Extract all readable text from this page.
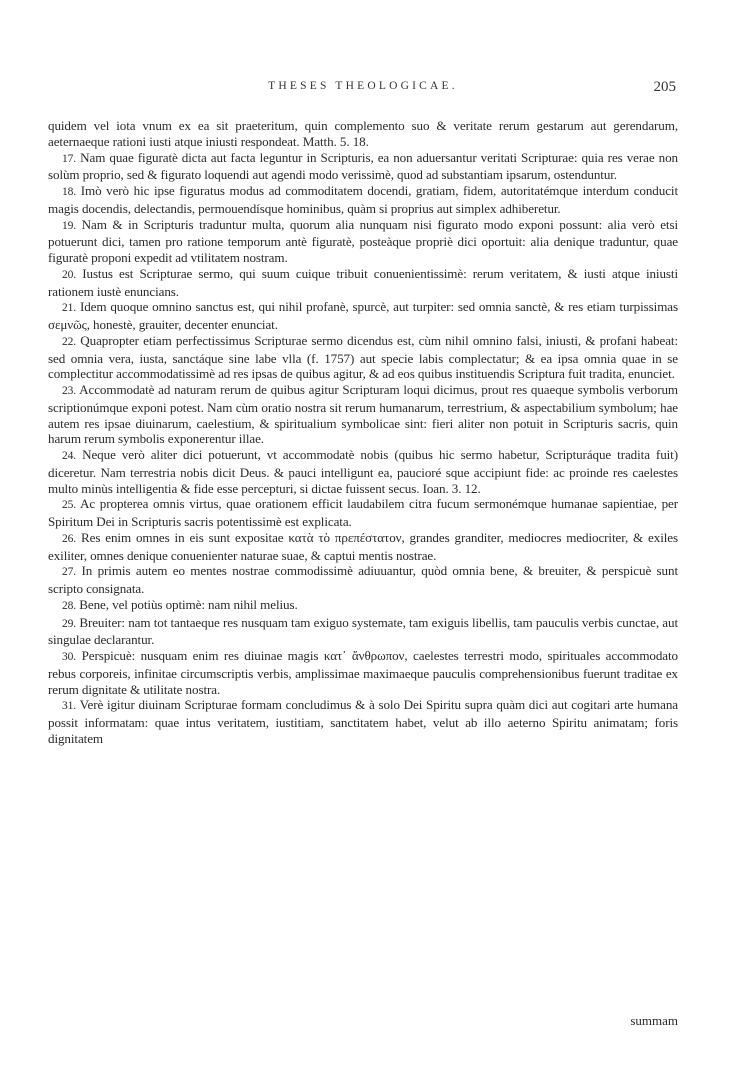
THESES THEOLOGICAE.	205

quidem vel iota vnum ex ea sit praeteritum, quin complemento suo & veritate rerum gestarum aut gerendarum, aeternaeque rationi iusti atque iniusti respondeat. Matth. 5. 18.

17. Nam quae figuratè dicta aut facta leguntur in Scripturis, ea non aduersantur veritati Scripturae: quia res verae non solùm proprio, sed & figurato loquendi aut agendi modo verissimè, quod ad substantiam ipsarum, ostenduntur.

18. Imò verò hic ipse figuratus modus ad commoditatem docendi, gratiam, fidem, autoritatémque interdum conducit magis docendis, delectandis, permouendísque hominibus, quàm si proprius aut simplex adhiberetur.

19. Nam & in Scripturis traduntur multa, quorum alia nunquam nisi figurato modo exponi possunt: alia verò etsi potuerunt dici, tamen pro ratione temporum antè figuratè, posteàque propriè dici oportuit: alia denique traduntur, quae figuratè proponi expedit ad vtilitatem nostram.

20. Iustus est Scripturae sermo, qui suum cuique tribuit conuenientissimè: rerum veritatem, & iusti atque iniusti rationem iustè enuncians.

21. Idem quoque omnino sanctus est, qui nihil profanè, spurcè, aut turpiter: sed omnia sanctè, & res etiam turpissimas σεμνῶς, honestè, grauiter, decenter enunciat.

22. Quapropter etiam perfectissimus Scripturae sermo dicendus est, cùm nihil omnino falsi, iniusti, & profani habeat: sed omnia vera, iusta, sanctáque sine labe vlla (f. 1757) aut specie labis complectatur; & ea ipsa omnia quae in se complectitur accommodatissimè ad res ipsas de quibus agitur, & ad eos quibus instituendis Scriptura fuit tradita, enunciet.

23. Accommodatè ad naturam rerum de quibus agitur Scripturam loqui dicimus, prout res quaeque symbolis verborum scriptionúmque exponi potest. Nam cùm oratio nostra sit rerum humanarum, terrestrium, & aspectabilium symbolum; hae autem res ipsae diuinarum, caelestium, & spiritualium symbolicae sint: fieri aliter non potuit in Scripturis sacris, quin harum rerum symbolis exponerentur illae.

24. Neque verò aliter dici potuerunt, vt accommodatè nobis (quibus hic sermo habetur, Scripturáque tradita fuit) diceretur. Nam terrestria nobis dicit Deus. & pauci intelligunt ea, paucioré sque accipiunt fide: ac proinde res caelestes multo minùs intelligentia & fide esse percepturi, si dictae fuissent secus. Ioan. 3. 12.

25. Ac propterea omnis virtus, quae orationem efficit laudabilem citra fucum sermonémque humanae sapientiae, per Spiritum Dei in Scripturis sacris potentissimè est explicata.

26. Res enim omnes in eis sunt expositae κατὰ τὸ πρεπέστατον, grandes granditer, mediocres mediocriter, & exiles exiliter, omnes denique conuenienter naturae suae, & captui mentis nostrae.

27. In primis autem eo mentes nostrae commodissimè adiuuantur, quòd omnia bene, & breuiter, & perspicuè sunt scripto consignata.

28. Bene, vel potiùs optimè: nam nihil melius.

29. Breuiter: nam tot tantaeque res nusquam tam exiguo systemate, tam exiguis libellis, tam pauculis verbis cunctae, aut singulae declarantur.

30. Perspicuè: nusquam enim res diuinae magis κατ᾽ ἄνθρωπον, caelestes terrestri modo, spirituales accommodato rebus corporeis, infinitae circumscriptis verbis, amplissimae maximaeque pauculis comprehensionibus fuerunt traditae ex rerum dignitate & utilitate nostra.

31. Verè igitur diuinam Scripturae formam concludimus & à solo Dei Spiritu supra quàm dici aut cogitari arte humana possit informatam: quae intus veritatem, iustitiam, sanctitatem habet, velut ab illo aeterno Spiritu animatam; foris dignitatem

summam
